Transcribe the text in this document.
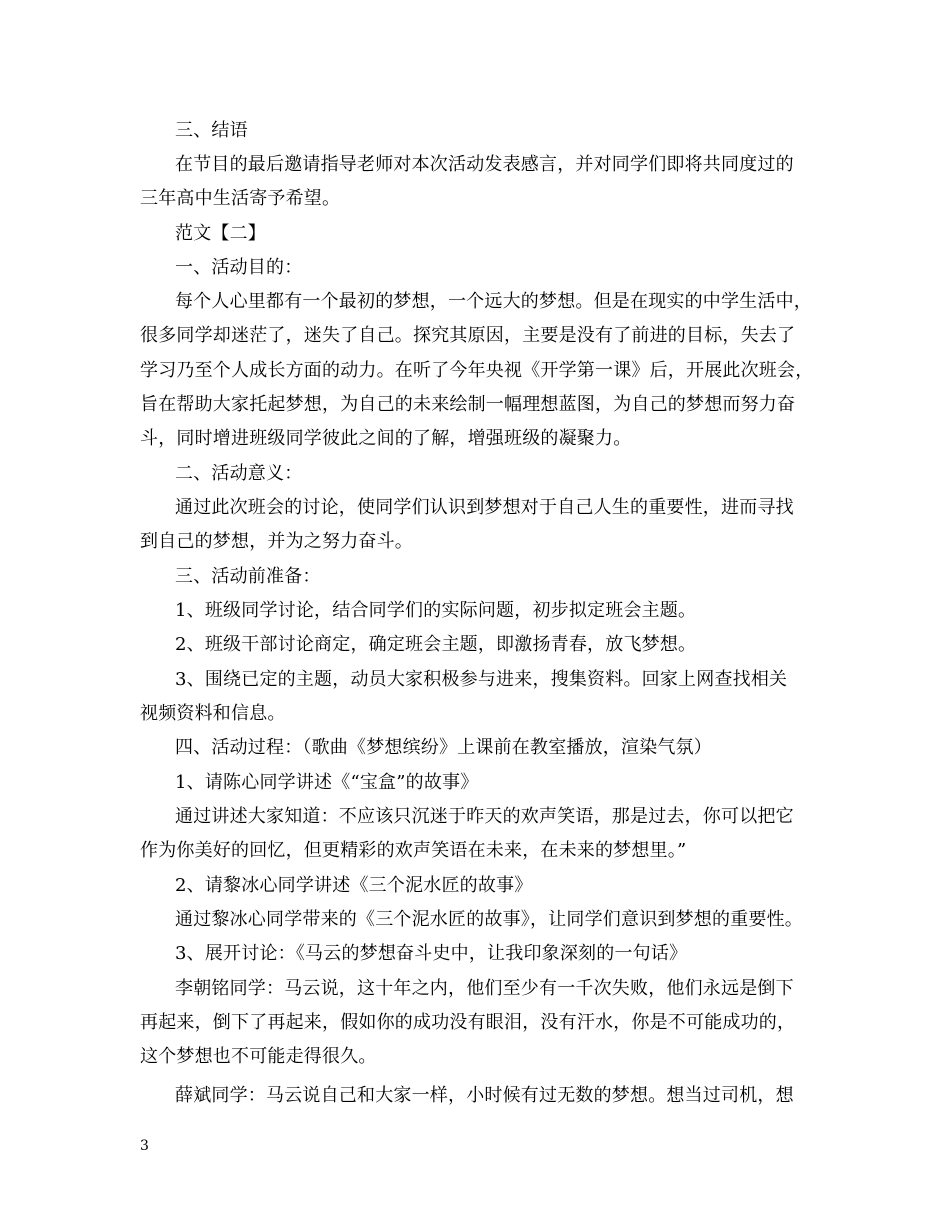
三、结语
在节目的最后邀请指导老师对本次活动发表感言，并对同学们即将共同度过的
三年高中生活寄予希望。
范文【二】
一、活动目的：
每个人心里都有一个最初的梦想，一个远大的梦想。但是在现实的中学生活中，
很多同学却迷茫了，迷失了自己。探究其原因，主要是没有了前进的目标，失去了
学习乃至个人成长方面的动力。在听了今年央视《开学第一课》后，开展此次班会，
旨在帮助大家托起梦想，为自己的未来绘制一幅理想蓝图，为自己的梦想而努力奋
斗，同时增进班级同学彼此之间的了解，增强班级的凝聚力。
二、活动意义：
通过此次班会的讨论，使同学们认识到梦想对于自己人生的重要性，进而寻找
到自己的梦想，并为之努力奋斗。
三、活动前准备：
1、班级同学讨论，结合同学们的实际问题，初步拟定班会主题。
2、班级干部讨论商定，确定班会主题，即激扬青春，放飞梦想。
3、围绕已定的主题，动员大家积极参与进来，搜集资料。回家上网查找相关
视频资料和信息。
四、活动过程：（歌曲《梦想缤纷》上课前在教室播放，渲染气氛）
1、请陈心同学讲述《“宝盒”的故事》
通过讲述大家知道：不应该只沉迷于昨天的欢声笑语，那是过去，你可以把它
作为你美好的回忆，但更精彩的欢声笑语在未来，在未来的梦想里。”
2、请黎冰心同学讲述《三个泥水匠的故事》
通过黎冰心同学带来的《三个泥水匠的故事》，让同学们意识到梦想的重要性。
3、展开讨论：《马云的梦想奋斗史中，让我印象深刻的一句话》
李朝铭同学：马云说，这十年之内，他们至少有一千次失败，他们永远是倒下
再起来，倒下了再起来，假如你的成功没有眼泪，没有汗水，你是不可能成功的，
这个梦想也不可能走得很久。
薛斌同学：马云说自己和大家一样，小时候有过无数的梦想。想当过司机，想
3
